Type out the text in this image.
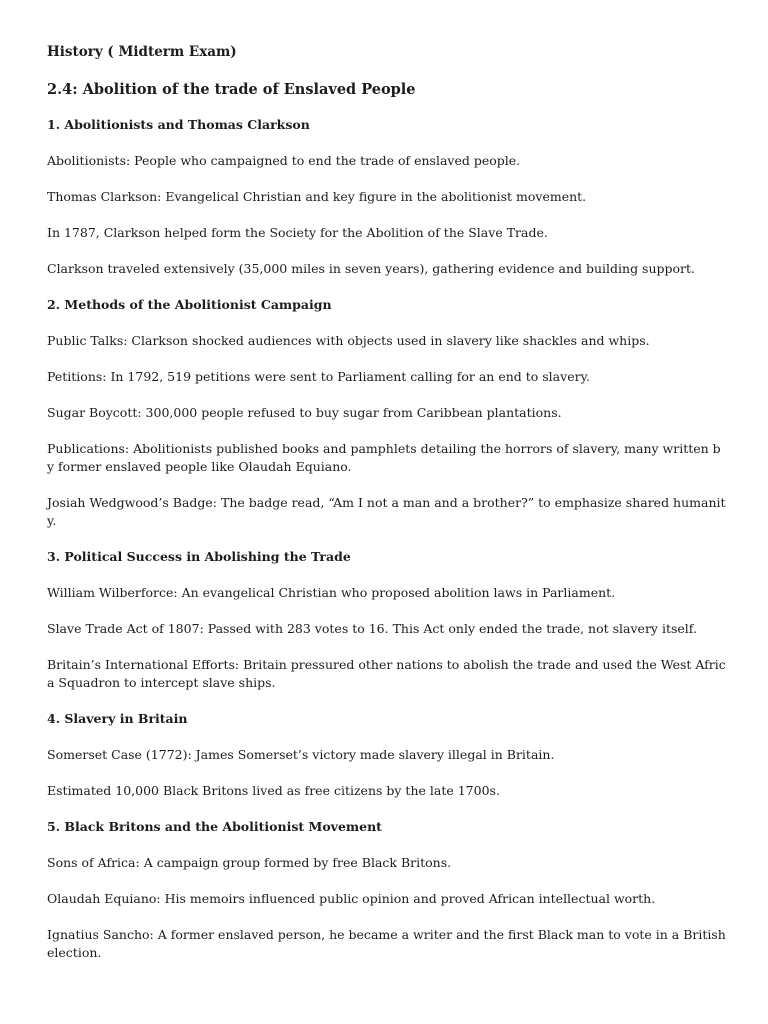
History ( Midterm Exam)
2.4: Abolition of the trade of Enslaved People
1. Abolitionists and Thomas Clarkson
Abolitionists: People who campaigned to end the trade of enslaved people.
Thomas Clarkson: Evangelical Christian and key figure in the abolitionist movement.
In 1787, Clarkson helped form the Society for the Abolition of the Slave Trade.
Clarkson traveled extensively (35,000 miles in seven years), gathering evidence and building support.
2. Methods of the Abolitionist Campaign
Public Talks: Clarkson shocked audiences with objects used in slavery like shackles and whips.
Petitions: In 1792, 519 petitions were sent to Parliament calling for an end to slavery.
Sugar Boycott: 300,000 people refused to buy sugar from Caribbean plantations.
Publications: Abolitionists published books and pamphlets detailing the horrors of slavery, many written by former enslaved people like Olaudah Equiano.
Josiah Wedgwood’s Badge: The badge read, “Am I not a man and a brother?” to emphasize shared humanity.
3. Political Success in Abolishing the Trade
William Wilberforce: An evangelical Christian who proposed abolition laws in Parliament.
Slave Trade Act of 1807: Passed with 283 votes to 16. This Act only ended the trade, not slavery itself.
Britain’s International Efforts: Britain pressured other nations to abolish the trade and used the West Africa Squadron to intercept slave ships.
4. Slavery in Britain
Somerset Case (1772): James Somerset’s victory made slavery illegal in Britain.
Estimated 10,000 Black Britons lived as free citizens by the late 1700s.
5. Black Britons and the Abolitionist Movement
Sons of Africa: A campaign group formed by free Black Britons.
Olaudah Equiano: His memoirs influenced public opinion and proved African intellectual worth.
Ignatius Sancho: A former enslaved person, he became a writer and the first Black man to vote in a British election.
